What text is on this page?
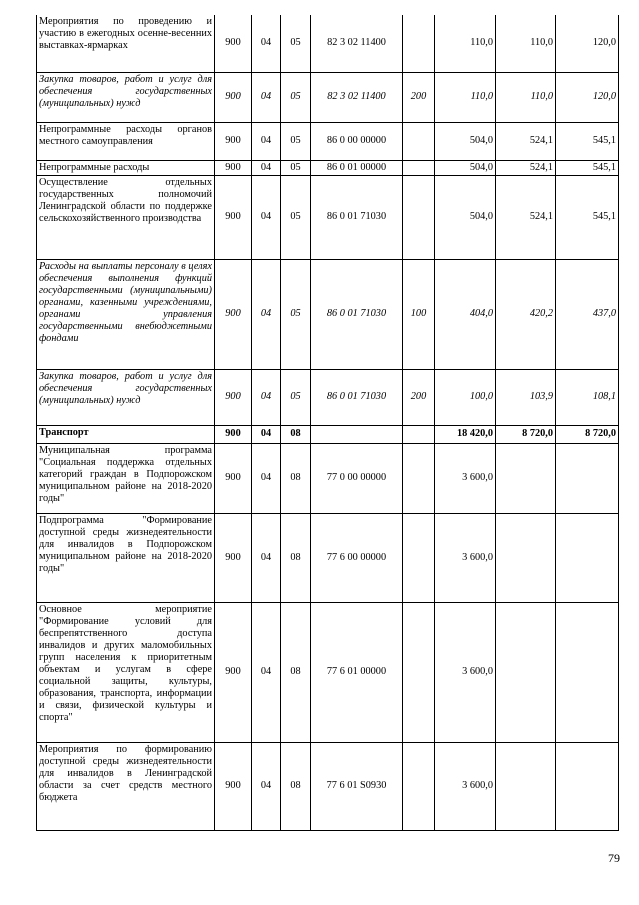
Мероприятия по проведению и участию в ежегодных осенне-весенних выставках-ярмарках	900	04	05	82 3 02 11400		110,0	110,0	120,0
Закупка товаров, работ и услуг для обеспечения государственных (муниципальных) нужд	900	04	05	82 3 02 11400	200	110,0	110,0	120,0
Непрограммные расходы органов местного самоуправления	900	04	05	86 0 00 00000		504,0	524,1	545,1
Непрограммные расходы	900	04	05	86 0 01 00000		504,0	524,1	545,1
Осуществление отдельных государственных полномочий Ленинградской области по поддержке сельскохозяйственного производства	900	04	05	86 0 01 71030		504,0	524,1	545,1
Расходы на выплаты персоналу в целях обеспечения выполнения функций государственными (муниципальными) органами, казенными учреждениями, органами управления государственными внебюджетными фондами	900	04	05	86 0 01 71030	100	404,0	420,2	437,0
Закупка товаров, работ и услуг для обеспечения государственных (муниципальных) нужд	900	04	05	86 0 01 71030	200	100,0	103,9	108,1
Транспорт	900	04	08			18 420,0	8 720,0	8 720,0
Муниципальная программа "Социальная поддержка отдельных категорий граждан в Подпорожском муниципальном районе на 2018-2020 годы"	900	04	08	77 0 00 00000		3 600,0		
Подпрограмма "Формирование доступной среды жизнедеятельности для инвалидов в Подпорожском муниципальном районе на 2018-2020 годы"	900	04	08	77 6 00 00000		3 600,0		
Основное мероприятие "Формирование условий для беспрепятственного доступа инвалидов и других маломобильных групп населения к приоритетным объектам и услугам в сфере социальной защиты, культуры, образования, транспорта, информации и связи, физической культуры и спорта"	900	04	08	77 6 01 00000		3 600,0		
Мероприятия по формированию доступной среды жизнедеятельности для инвалидов в Ленинградской области за счет средств местного бюджета	900	04	08	77 6 01 S0930		3 600,0		
79
